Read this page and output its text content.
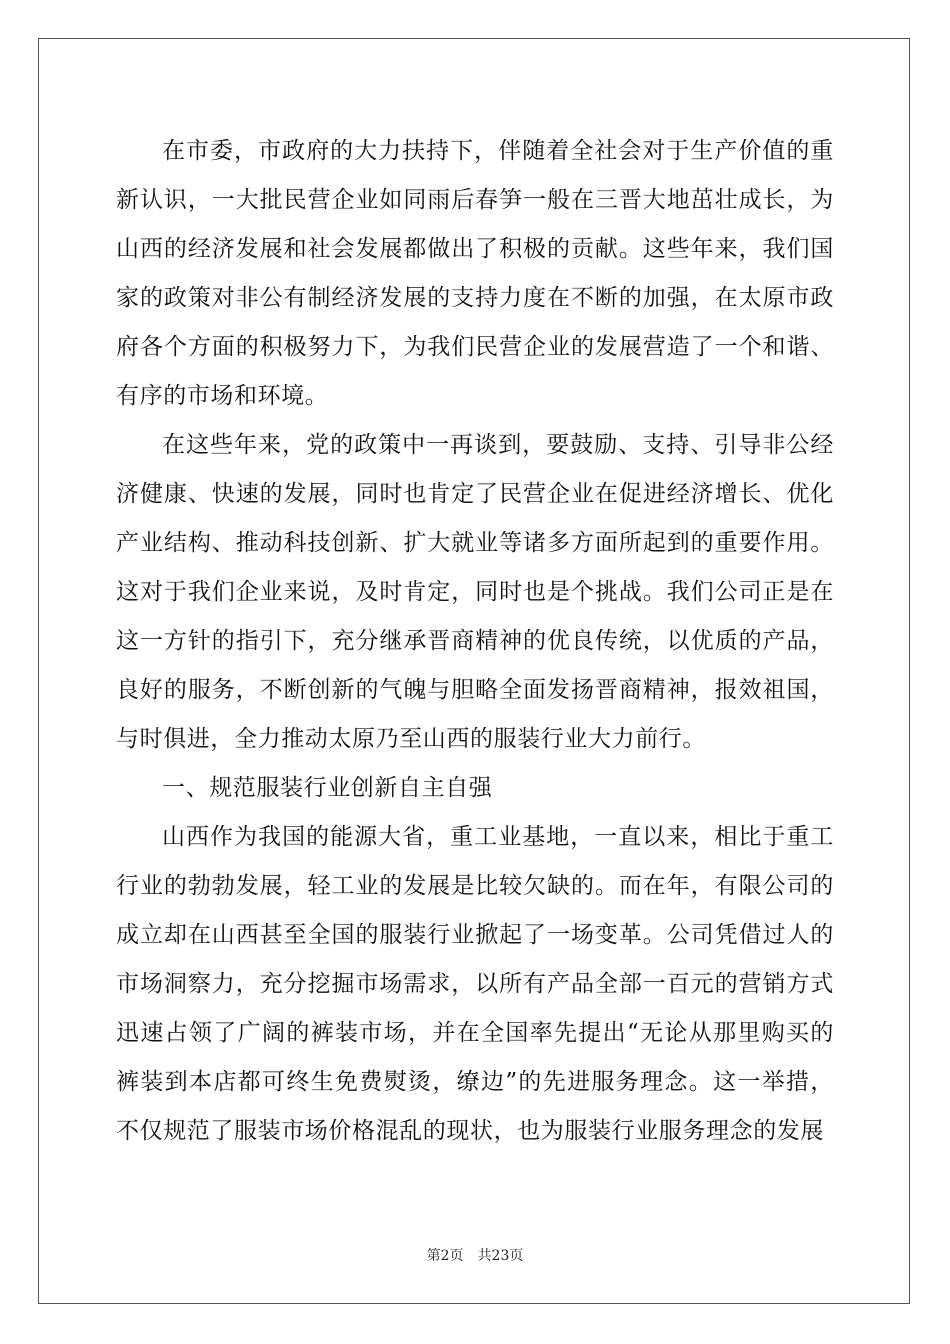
在市委，市政府的大力扶持下，伴随着全社会对于生产价值的重新认识，一大批民营企业如同雨后春笋一般在三晋大地茁壮成长，为山西的经济发展和社会发展都做出了积极的贡献。这些年来，我们国家的政策对非公有制经济发展的支持力度在不断的加强，在太原市政府各个方面的积极努力下，为我们民营企业的发展营造了一个和谐、有序的市场和环境。

在这些年来，党的政策中一再谈到，要鼓励、支持、引导非公经济健康、快速的发展，同时也肯定了民营企业在促进经济增长、优化产业结构、推动科技创新、扩大就业等诸多方面所起到的重要作用。这对于我们企业来说，及时肯定，同时也是个挑战。我们公司正是在这一方针的指引下，充分继承晋商精神的优良传统，以优质的产品，良好的服务，不断创新的气魄与胆略全面发扬晋商精神，报效祖国，与时俱进，全力推动太原乃至山西的服装行业大力前行。

一、规范服装行业创新自主自强

山西作为我国的能源大省，重工业基地，一直以来，相比于重工行业的勃勃发展，轻工业的发展是比较欠缺的。而在年，有限公司的成立却在山西甚至全国的服装行业掀起了一场变革。公司凭借过人的市场洞察力，充分挖掘市场需求，以所有产品全部一百元的营销方式迅速占领了广阔的裤装市场，并在全国率先提出“无论从那里购买的裤装到本店都可终生免费熨烫，缭边”的先进服务理念。这一举措，不仅规范了服装市场价格混乱的现状，也为服装行业服务理念的发展

第2页　共23页
